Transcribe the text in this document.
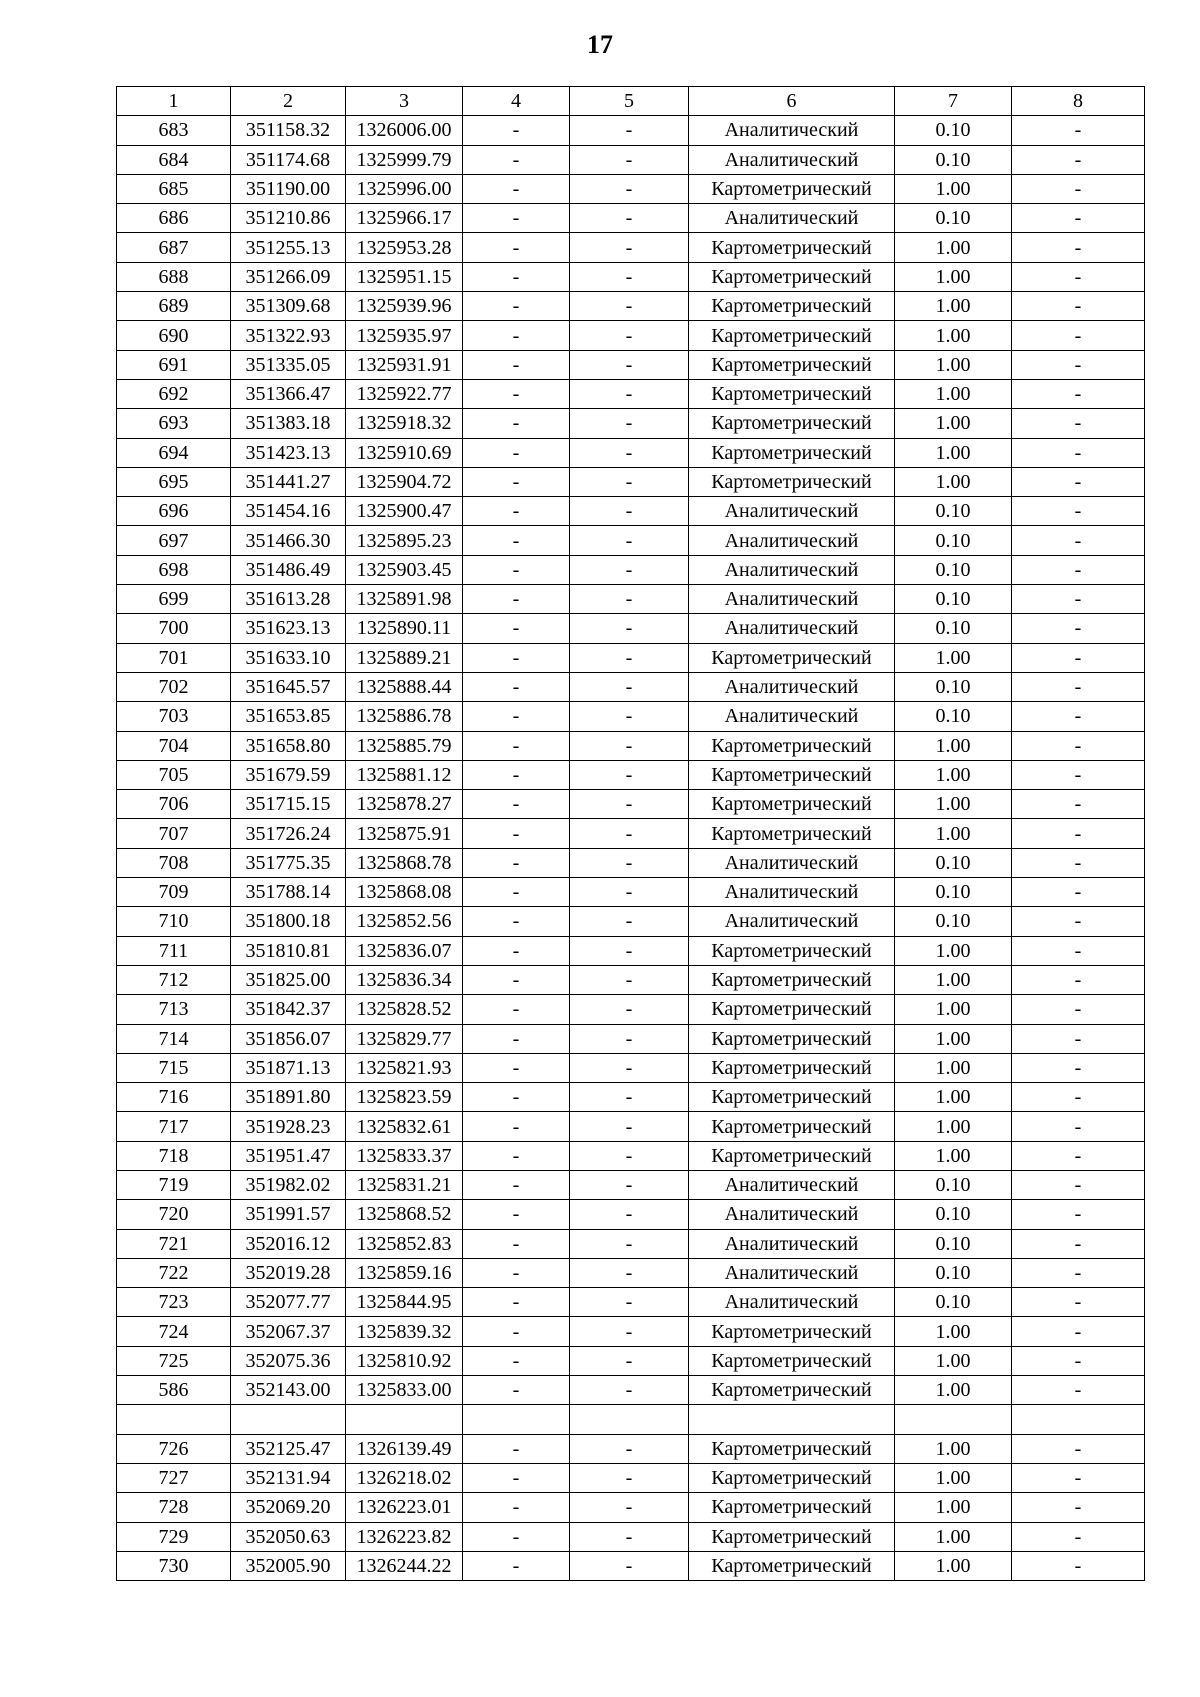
17
1	2	3	4	5	6	7	8
683	351158.32	1326006.00	-	-	Аналитический	0.10	-
684	351174.68	1325999.79	-	-	Аналитический	0.10	-
685	351190.00	1325996.00	-	-	Картометрический	1.00	-
686	351210.86	1325966.17	-	-	Аналитический	0.10	-
687	351255.13	1325953.28	-	-	Картометрический	1.00	-
688	351266.09	1325951.15	-	-	Картометрический	1.00	-
689	351309.68	1325939.96	-	-	Картометрический	1.00	-
690	351322.93	1325935.97	-	-	Картометрический	1.00	-
691	351335.05	1325931.91	-	-	Картометрический	1.00	-
692	351366.47	1325922.77	-	-	Картометрический	1.00	-
693	351383.18	1325918.32	-	-	Картометрический	1.00	-
694	351423.13	1325910.69	-	-	Картометрический	1.00	-
695	351441.27	1325904.72	-	-	Картометрический	1.00	-
696	351454.16	1325900.47	-	-	Аналитический	0.10	-
697	351466.30	1325895.23	-	-	Аналитический	0.10	-
698	351486.49	1325903.45	-	-	Аналитический	0.10	-
699	351613.28	1325891.98	-	-	Аналитический	0.10	-
700	351623.13	1325890.11	-	-	Аналитический	0.10	-
701	351633.10	1325889.21	-	-	Картометрический	1.00	-
702	351645.57	1325888.44	-	-	Аналитический	0.10	-
703	351653.85	1325886.78	-	-	Аналитический	0.10	-
704	351658.80	1325885.79	-	-	Картометрический	1.00	-
705	351679.59	1325881.12	-	-	Картометрический	1.00	-
706	351715.15	1325878.27	-	-	Картометрический	1.00	-
707	351726.24	1325875.91	-	-	Картометрический	1.00	-
708	351775.35	1325868.78	-	-	Аналитический	0.10	-
709	351788.14	1325868.08	-	-	Аналитический	0.10	-
710	351800.18	1325852.56	-	-	Аналитический	0.10	-
711	351810.81	1325836.07	-	-	Картометрический	1.00	-
712	351825.00	1325836.34	-	-	Картометрический	1.00	-
713	351842.37	1325828.52	-	-	Картометрический	1.00	-
714	351856.07	1325829.77	-	-	Картометрический	1.00	-
715	351871.13	1325821.93	-	-	Картометрический	1.00	-
716	351891.80	1325823.59	-	-	Картометрический	1.00	-
717	351928.23	1325832.61	-	-	Картометрический	1.00	-
718	351951.47	1325833.37	-	-	Картометрический	1.00	-
719	351982.02	1325831.21	-	-	Аналитический	0.10	-
720	351991.57	1325868.52	-	-	Аналитический	0.10	-
721	352016.12	1325852.83	-	-	Аналитический	0.10	-
722	352019.28	1325859.16	-	-	Аналитический	0.10	-
723	352077.77	1325844.95	-	-	Аналитический	0.10	-
724	352067.37	1325839.32	-	-	Картометрический	1.00	-
725	352075.36	1325810.92	-	-	Картометрический	1.00	-
586	352143.00	1325833.00	-	-	Картометрический	1.00	-

726	352125.47	1326139.49	-	-	Картометрический	1.00	-
727	352131.94	1326218.02	-	-	Картометрический	1.00	-
728	352069.20	1326223.01	-	-	Картометрический	1.00	-
729	352050.63	1326223.82	-	-	Картометрический	1.00	-
730	352005.90	1326244.22	-	-	Картометрический	1.00	-
